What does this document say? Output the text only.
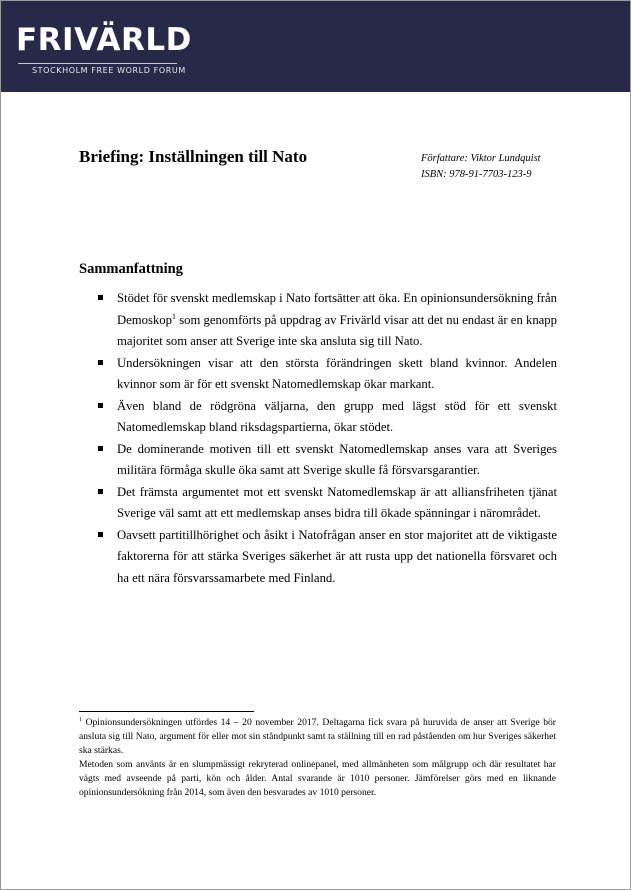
FRIVÄRLD
STOCKHOLM FREE WORLD FORUM
Briefing: Inställningen till Nato	Författare: Viktor Lundquist
ISBN: 978-91-7703-123-9
Sammanfattning
Stödet för svenskt medlemskap i Nato fortsätter att öka. En opinionsundersökning från Demoskop$^1$ som genomförts på uppdrag av Frivärld visar att det nu endast är en knapp majoritet som anser att Sverige inte ska ansluta sig till Nato.
Undersökningen visar att den största förändringen skett bland kvinnor. Andelen kvinnor som är för ett svenskt Natomedlemskap ökar markant.
Även bland de rödgröna väljarna, den grupp med lägst stöd för ett svenskt Natomedlemskap bland riksdagspartierna, ökar stödet.
De dominerande motiven till ett svenskt Natomedlemskap anses vara att Sveriges militära förmåga skulle öka samt att Sverige skulle få försvarsgarantier.
Det främsta argumentet mot ett svenskt Natomedlemskap är att alliansfriheten tjänat Sverige väl samt att ett medlemskap anses bidra till ökade spänningar i närområdet.
Oavsett partitillhörighet och åsikt i Natofrågan anser en stor majoritet att de viktigaste faktorerna för att stärka Sveriges säkerhet är att rusta upp det nationella försvaret och ha ett nära försvarssamarbete med Finland.

$^1$ Opinionsundersökningen utfördes 14 – 20 november 2017. Deltagarna fick svara på huruvida de anser att Sverige bör ansluta sig till Nato, argument för eller mot sin ståndpunkt samt ta ställning till en rad påståenden om hur Sveriges säkerhet ska stärkas.

Metoden som använts är en slumpmässigt rekryterad onlinepanel, med allmänheten som målgrupp och där resultatet har vägts med avseende på parti, kön och ålder. Antal svarande är 1010 personer. Jämförelser görs med en liknande opinionsundersökning från 2014, som även den besvarades av 1010 personer.
